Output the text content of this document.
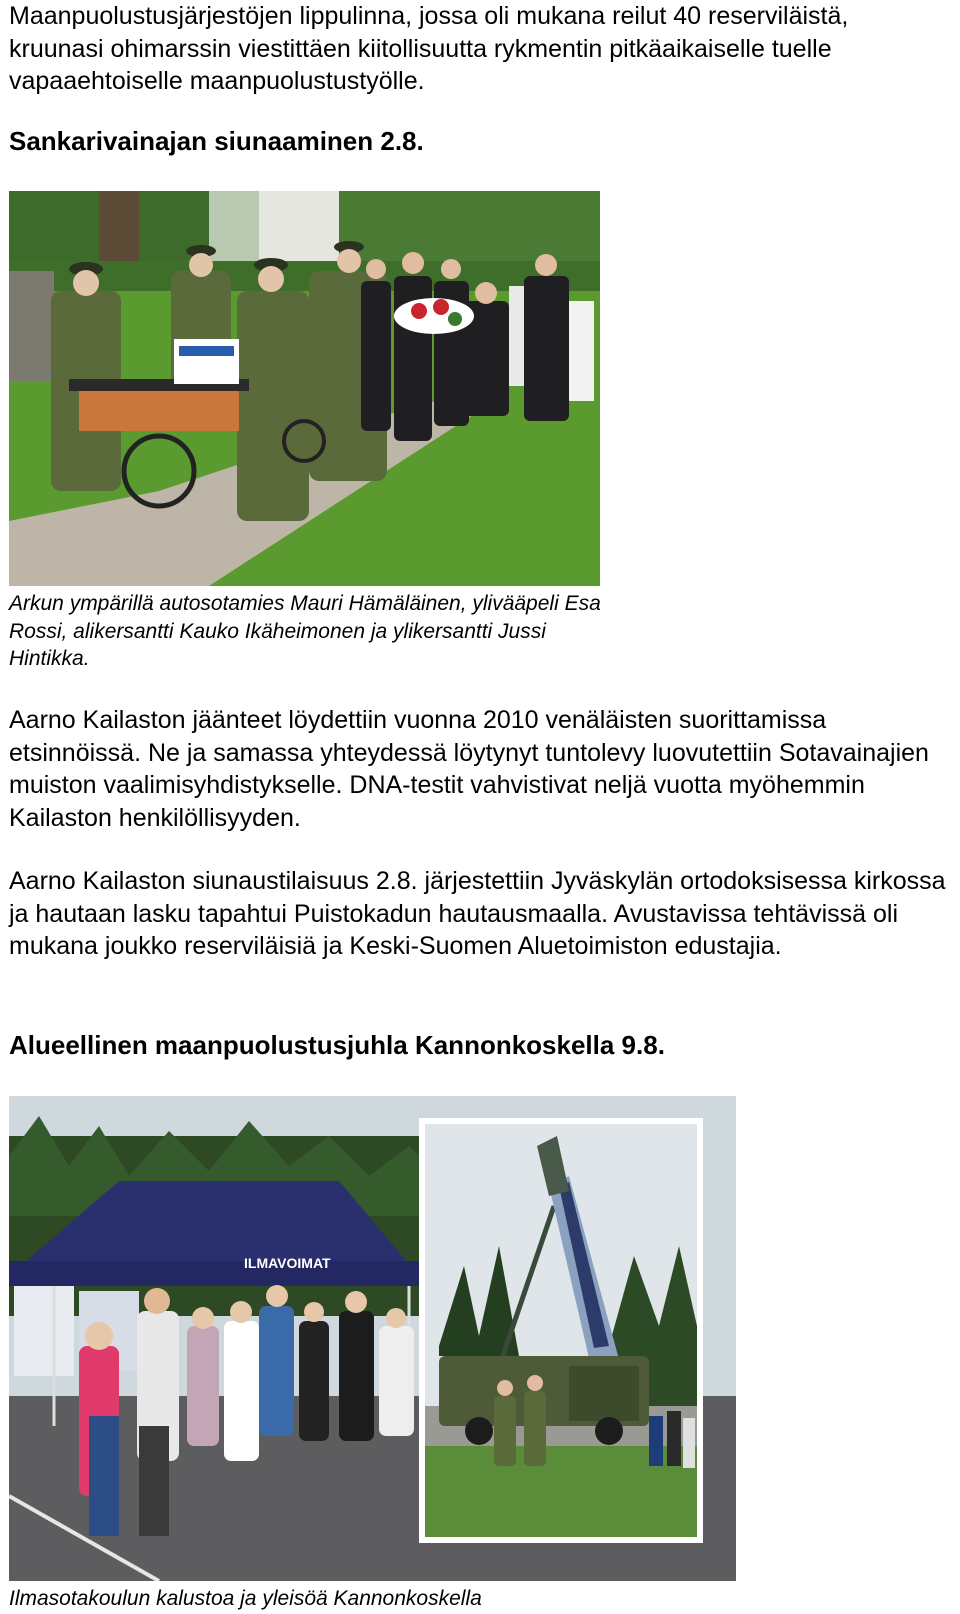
Maanpuolustusjärjestöjen lippulinna, jossa oli mukana reilut 40 reserviläistä, kruunasi ohimarssin viestittäen kiitollisuutta rykmentin pitkäaikaiselle tuelle vapaaehtoiselle maanpuolustustyölle.

Sankarivainajan siunaaminen 2.8.

Arkun ympärillä autosotamies Mauri Hämäläinen, ylivääpeli Esa Rossi, alikersantti Kauko Ikäheimonen ja ylikersantti Jussi Hintikka.

Aarno Kailaston jäänteet löydettiin vuonna 2010 venäläisten suorittamissa etsinnöissä. Ne ja samassa yhteydessä löytynyt tuntolevy luovutettiin Sotavainajien muiston vaalimisyhdistykselle. DNA-testit vahvistivat neljä vuotta myöhemmin Kailaston henkilöllisyyden.

Aarno Kailaston siunaustilaisuus 2.8. järjestettiin Jyväskylän ortodoksisessa kirkossa ja hautaan lasku tapahtui Puistokadun hautausmaalla. Avustavissa tehtävissä oli mukana joukko reserviläisiä ja Keski-Suomen Aluetoimiston edustajia.

Alueellinen maanpuolustusjuhla Kannonkoskella 9.8.
ILMAVOIMAT

Ilmasotakoulun kalustoa ja yleisöä Kannonkoskella
